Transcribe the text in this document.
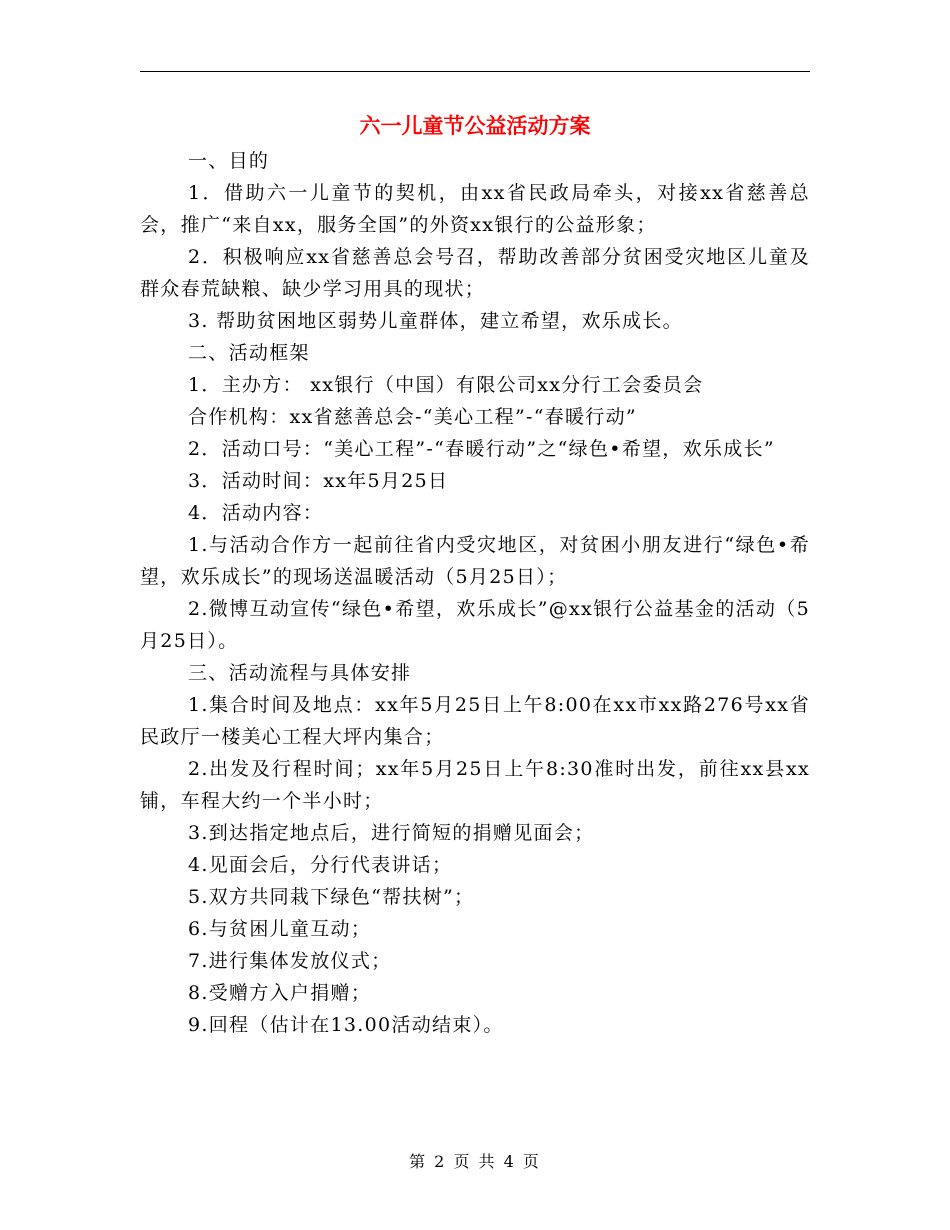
六一儿童节公益活动方案

一、目的

1．借助六一儿童节的契机，由xx省民政局牵头，对接xx省慈善总会，推广“来自xx，服务全国”的外资xx银行的公益形象；

2．积极响应xx省慈善总会号召，帮助改善部分贫困受灾地区儿童及群众春荒缺粮、缺少学习用具的现状；

3. 帮助贫困地区弱势儿童群体，建立希望，欢乐成长。

二、活动框架

1．主办方： xx银行（中国）有限公司xx分行工会委员会

合作机构：xx省慈善总会-“美心工程”-“春暖行动”

2．活动口号：“美心工程”-“春暖行动”之“绿色•希望，欢乐成长”

3．活动时间：xx年5月25日

4．活动内容：

1.与活动合作方一起前往省内受灾地区，对贫困小朋友进行“绿色•希望，欢乐成长”的现场送温暖活动（5月25日）；

2.微博互动宣传“绿色•希望，欢乐成长”@xx银行公益基金的活动（5月25日）。

三、活动流程与具体安排

1.集合时间及地点：xx年5月25日上午8:00在xx市xx路276号xx省民政厅一楼美心工程大坪内集合；

2.出发及行程时间；xx年5月25日上午8:30准时出发，前往xx县xx铺，车程大约一个半小时；

3.到达指定地点后，进行简短的捐赠见面会；

4.见面会后，分行代表讲话；

5.双方共同栽下绿色“帮扶树”；

6.与贫困儿童互动；

7.进行集体发放仪式；

8.受赠方入户捐赠；

9.回程（估计在13.00活动结束）。

第 2 页 共 4 页
